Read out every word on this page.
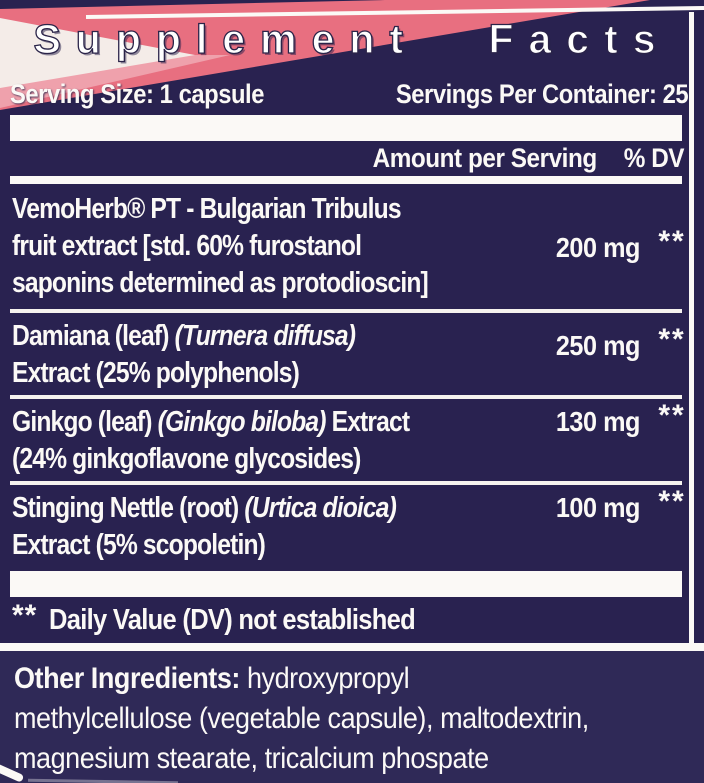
Supplement Facts
Serving Size: 1 capsule	Servings Per Container: 25
Amount per Serving % DV
VemoHerb® PT - Bulgarian Tribulus
fruit extract [std. 60% furostanol
saponins determined as protodioscin]
200 mg **
Damiana (leaf) (Turnera diffusa)
Extract (25% polyphenols)
250 mg **
Ginkgo (leaf) (Ginkgo biloba) Extract
(24% ginkgoflavone glycosides)
130 mg **
Stinging Nettle (root) (Urtica dioica)
Extract (5% scopoletin)
100 mg **
** Daily Value (DV) not established
Other Ingredients: hydroxypropyl
methylcellulose (vegetable capsule), maltodextrin,
magnesium stearate, tricalcium phospate
